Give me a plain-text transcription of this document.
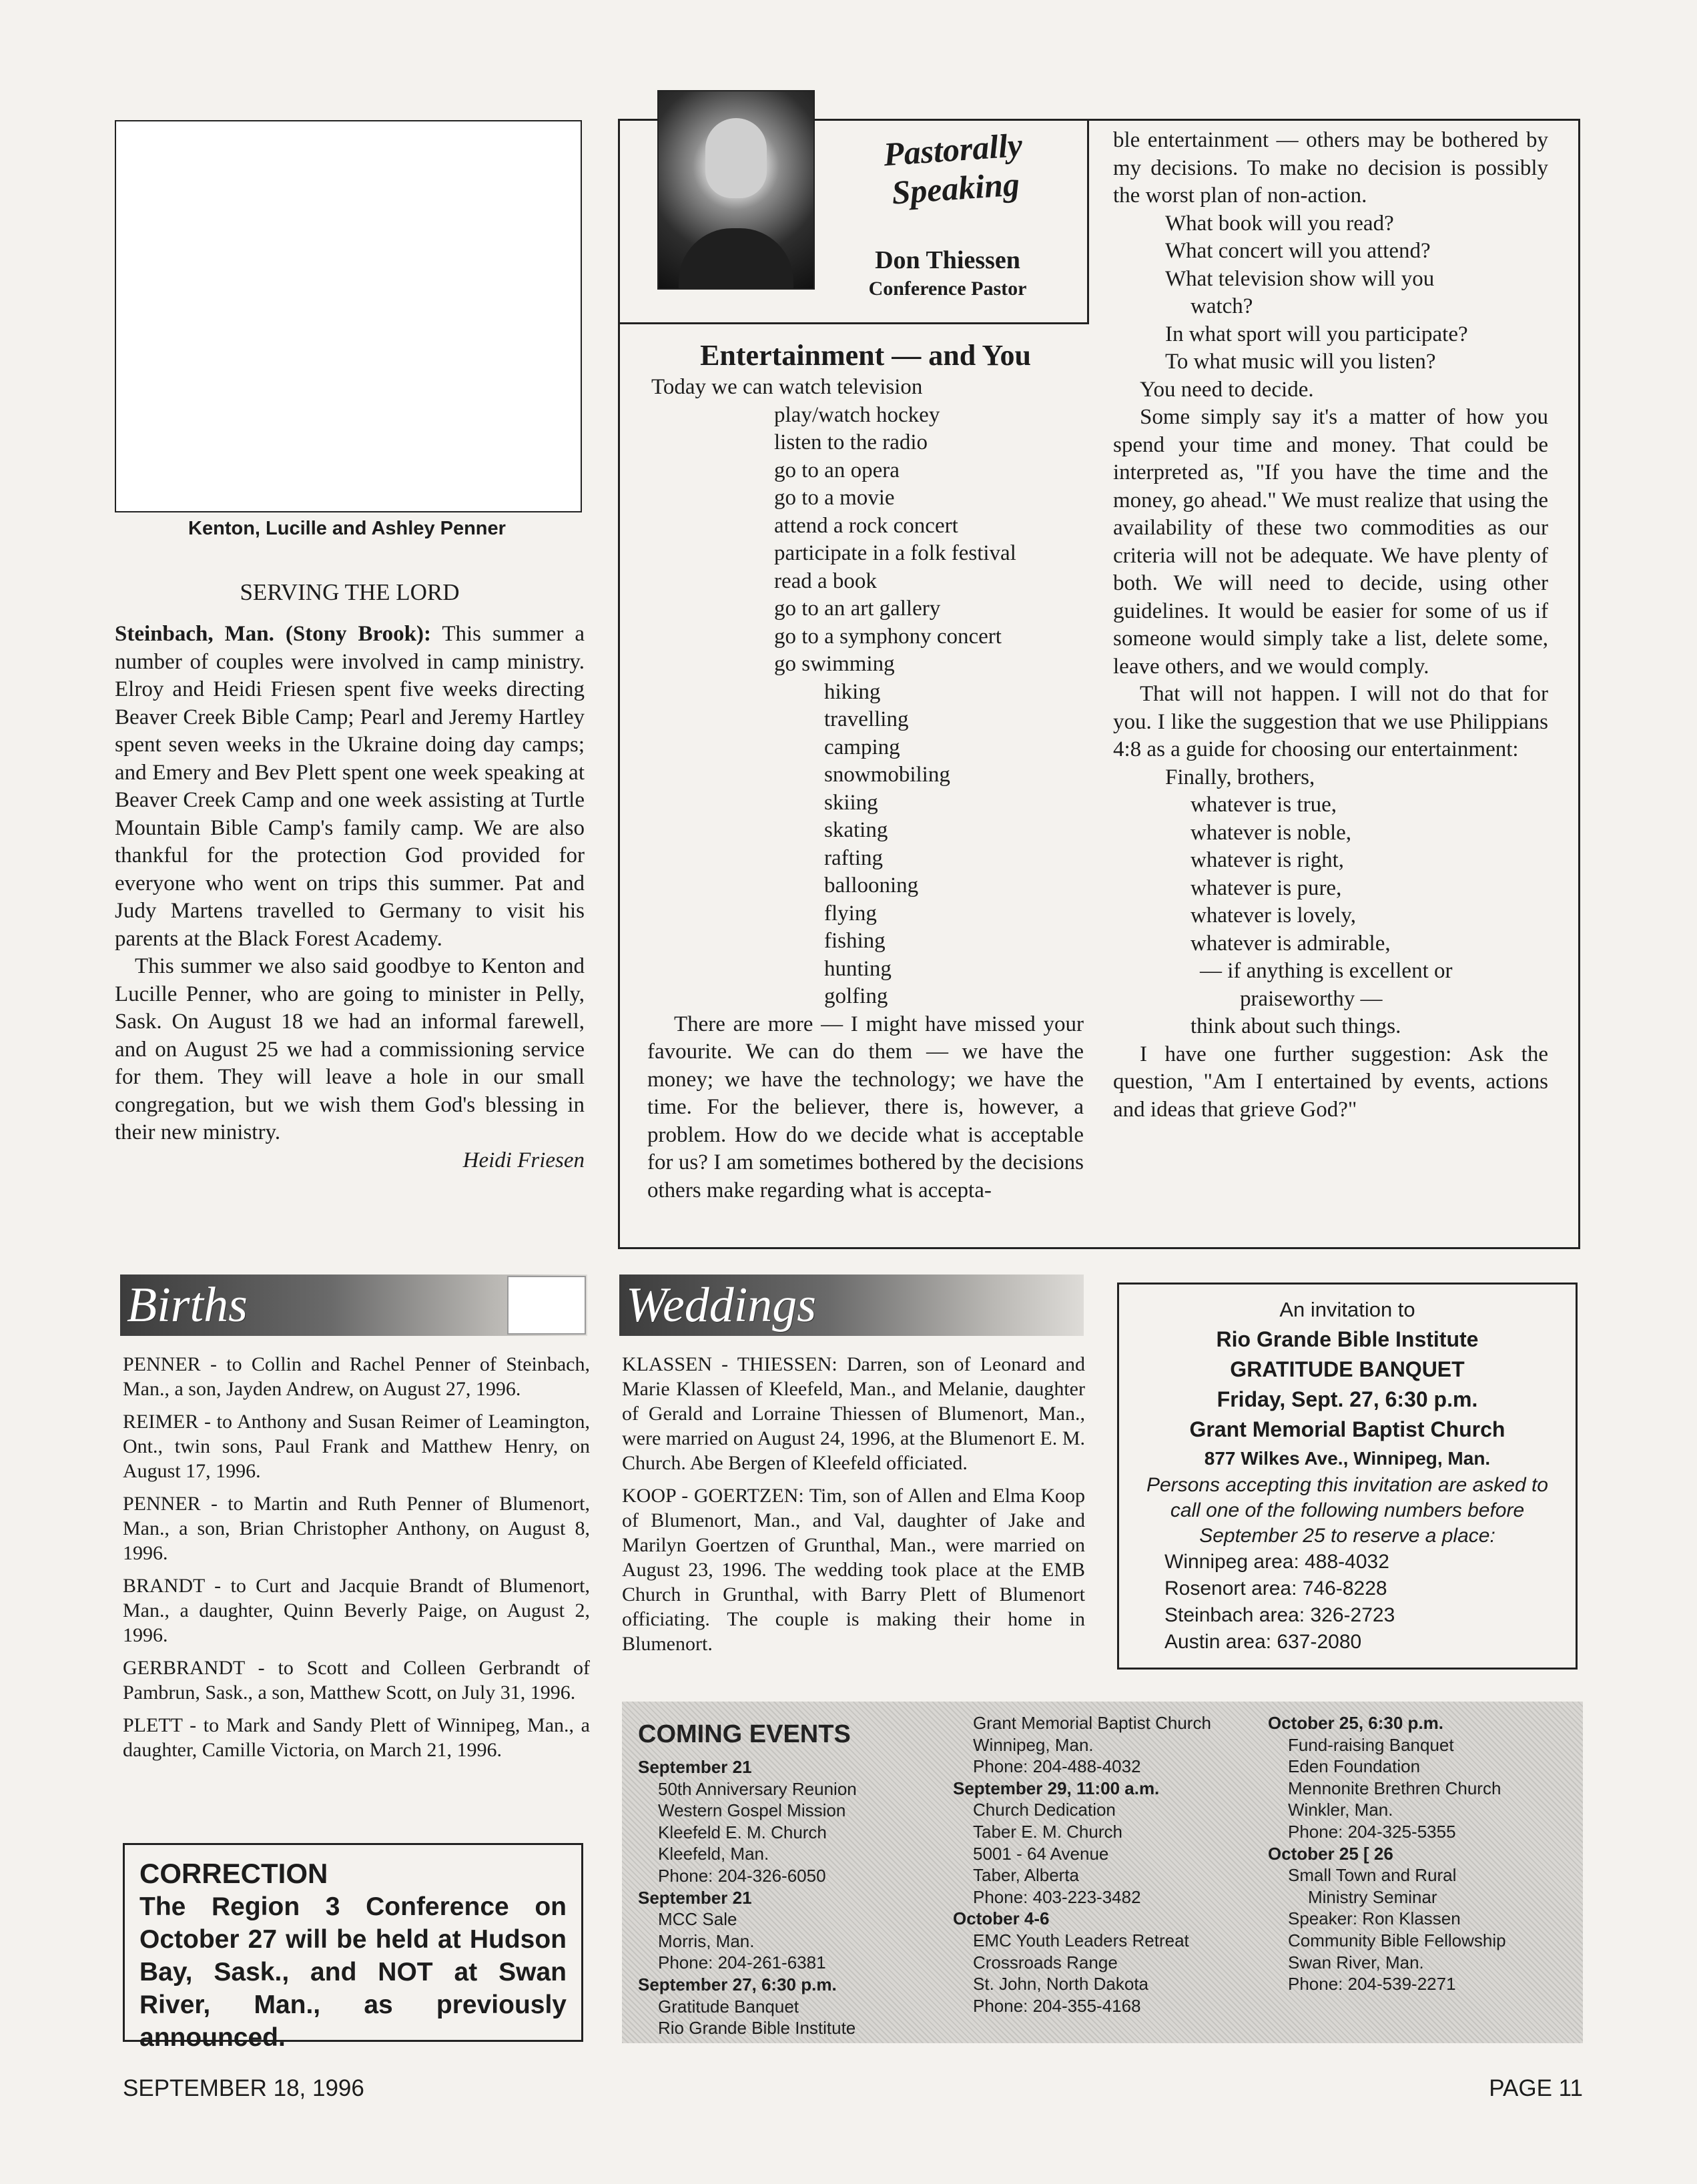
Kenton, Lucille and Ashley Penner
SERVING THE LORD

Steinbach, Man. (Stony Brook): This summer a number of couples were involved in camp ministry. Elroy and Heidi Friesen spent five weeks directing Beaver Creek Bible Camp; Pearl and Jeremy Hartley spent seven weeks in the Ukraine doing day camps; and Emery and Bev Plett spent one week speaking at Beaver Creek Camp and one week assisting at Turtle Mountain Bible Camp's family camp. We are also thankful for the protection God provided for everyone who went on trips this summer. Pat and Judy Martens travelled to Germany to visit his parents at the Black Forest Academy.

This summer we also said goodbye to Kenton and Lucille Penner, who are going to minister in Pelly, Sask. On August 18 we had an informal farewell, and on August 25 we had a commissioning service for them. They will leave a hole in our small congregation, but we wish them God's blessing in their new ministry.

Heidi Friesen
Pastorally
Speaking
Don Thiessen
Conference Pastor
Entertainment — and You
Today we can watch television
play/watch hockey
listen to the radio
go to an opera
go to a movie
attend a rock concert
participate in a folk festival
read a book
go to an art gallery
go to a symphony concert
go swimming
hiking
travelling
camping
snowmobiling
skiing
skating
rafting
ballooning
flying
fishing
hunting
golfing

There are more — I might have missed your favourite. We can do them — we have the money; we have the technology; we have the time. For the believer, there is, however, a problem. How do we decide what is acceptable for us? I am sometimes bothered by the decisions others make regarding what is accepta-

ble entertainment — others may be bothered by my decisions. To make no decision is possibly the worst plan of non-action.

What book will you read?
What concert will you attend?
What television show will you
watch?
In what sport will you participate?
To what music will you listen?
You need to decide.

Some simply say it's a matter of how you spend your time and money. That could be interpreted as, "If you have the time and the money, go ahead." We must realize that using the availability of these two commodities as our criteria will not be adequate. We have plenty of both. We will need to decide, using other guidelines. It would be easier for some of us if someone would simply take a list, delete some, leave others, and we would comply.

That will not happen. I will not do that for you. I like the suggestion that we use Philippians 4:8 as a guide for choosing our entertainment:

Finally, brothers,
whatever is true,
whatever is noble,
whatever is right,
whatever is pure,
whatever is lovely,
whatever is admirable,
— if anything is excellent or
praiseworthy —
think about such things.

I have one further suggestion: Ask the question, "Am I entertained by events, actions and ideas that grieve God?"

Births

PENNER - to Collin and Rachel Penner of Steinbach, Man., a son, Jayden Andrew, on August 27, 1996.

REIMER - to Anthony and Susan Reimer of Leamington, Ont., twin sons, Paul Frank and Matthew Henry, on August 17, 1996.

PENNER - to Martin and Ruth Penner of Blumenort, Man., a son, Brian Christopher Anthony, on August 8, 1996.

BRANDT - to Curt and Jacquie Brandt of Blumenort, Man., a daughter, Quinn Beverly Paige, on August 2, 1996.

GERBRANDT - to Scott and Colleen Gerbrandt of Pambrun, Sask., a son, Matthew Scott, on July 31, 1996.

PLETT - to Mark and Sandy Plett of Winnipeg, Man., a daughter, Camille Victoria, on March 21, 1996.

CORRECTION
The Region 3 Conference on October 27 will be held at Hudson Bay, Sask., and NOT at Swan River, Man., as previously announced.
Weddings

KLASSEN - THIESSEN: Darren, son of Leonard and Marie Klassen of Kleefeld, Man., and Melanie, daughter of Gerald and Lorraine Thiessen of Blumenort, Man., were married on August 24, 1996, at the Blumenort E. M. Church. Abe Bergen of Kleefeld officiated.

KOOP - GOERTZEN: Tim, son of Allen and Elma Koop of Blumenort, Man., and Val, daughter of Jake and Marilyn Goertzen of Grunthal, Man., were married on August 23, 1996. The wedding took place at the EMB Church in Grunthal, with Barry Plett of Blumenort officiating. The couple is making their home in Blumenort.

An invitation to
Rio Grande Bible Institute
GRATITUDE BANQUET
Friday, Sept. 27, 6:30 p.m.
Grant Memorial Baptist Church
877 Wilkes Ave., Winnipeg, Man.
Persons accepting this invitation are asked to call one of the following numbers before September 25 to reserve a place:
Winnipeg area: 488-4032
Rosenort area: 746-8228
Steinbach area: 326-2723
Austin area: 637-2080
COMING EVENTS
September 21
50th Anniversary Reunion
Western Gospel Mission
Kleefeld E. M. Church
Kleefeld, Man.
Phone: 204-326-6050
September 21
MCC Sale
Morris, Man.
Phone: 204-261-6381
September 27, 6:30 p.m.
Gratitude Banquet
Rio Grande Bible Institute
Grant Memorial Baptist Church
Winnipeg, Man.
Phone: 204-488-4032
September 29, 11:00 a.m.
Church Dedication
Taber E. M. Church
5001 - 64 Avenue
Taber, Alberta
Phone: 403-223-3482
October 4-6
EMC Youth Leaders Retreat
Crossroads Range
St. John, North Dakota
Phone: 204-355-4168
October 25, 6:30 p.m.
Fund-raising Banquet
Eden Foundation
Mennonite Brethren Church
Winkler, Man.
Phone: 204-325-5355
October 25 [ 26
Small Town and Rural
Ministry Seminar
Speaker: Ron Klassen
Community Bible Fellowship
Swan River, Man.
Phone: 204-539-2271
SEPTEMBER 18, 1996	PAGE 11
